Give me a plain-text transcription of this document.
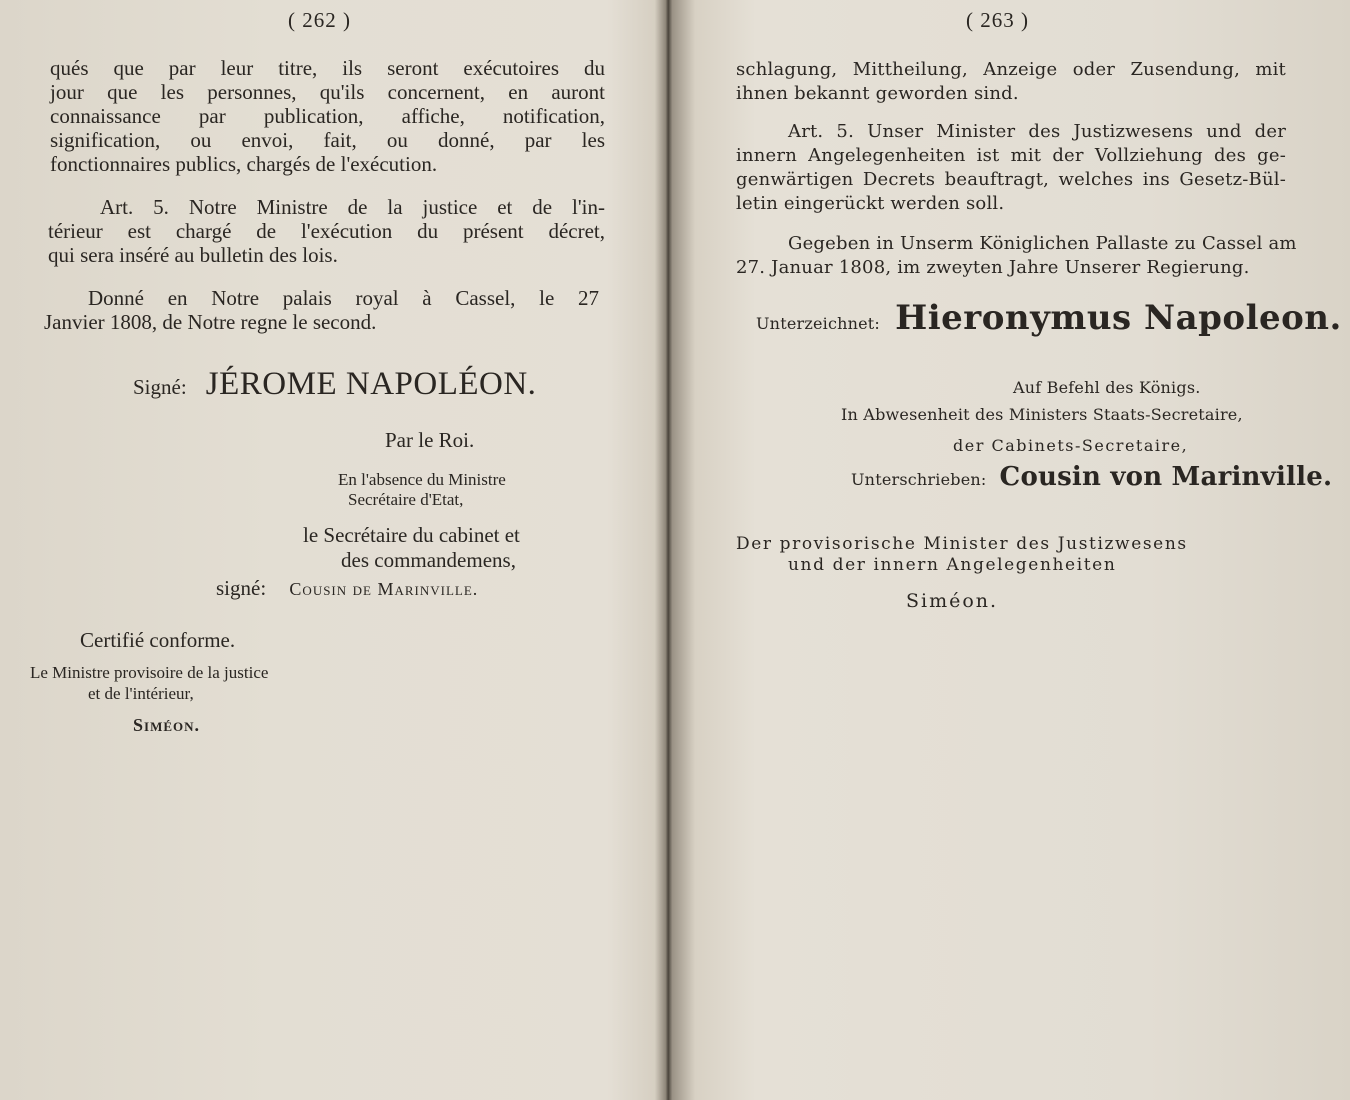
( 262 )
qués que par leur titre, ils seront exécutoires du
jour que les personnes, qu'ils concernent, en auront
connaissance par publication, affiche, notification,
signification, ou envoi, fait, ou donné, par les
fonctionnaires publics, chargés de l'exécution.
Art. 5. Notre Ministre de la justice et de l'in-
térieur est chargé de l'exécution du présent décret,
qui sera inséré au bulletin des lois.
Donné en Notre palais royal à Cassel, le 27
Janvier 1808, de Notre regne le second.
Signé: JÉROME NAPOLÉON.
Par le Roi.
En l'absence du Ministre
Secrétaire d'Etat,
le Secrétaire du cabinet et
des commandemens,
signé: Cousin de Marinville.
Certifié conforme.
Le Ministre provisoire de la justice
et de l'intérieur,
Siméon.
( 263 )
schlagung, Mittheilung, Anzeige oder Zusendung, mit
ihnen bekannt geworden sind.
Art. 5. Unser Minister des Justizwesens und der
innern Angelegenheiten ist mit der Vollziehung des ge-
genwärtigen Decrets beauftragt, welches ins Gesetz-Bül-
letin eingerückt werden soll.
Gegeben in Unserm Königlichen Pallaste zu Cassel am
27. Januar 1808, im zweyten Jahre Unserer Regierung.
Unterzeichnet: Hieronymus Napoleon.
Auf Befehl des Königs.
In Abwesenheit des Ministers Staats-Secretaire,
der Cabinets-Secretaire,
Unterschrieben: Cousin von Marinville.
Der provisorische Minister des Justizwesens
und der innern Angelegenheiten
Siméon.
